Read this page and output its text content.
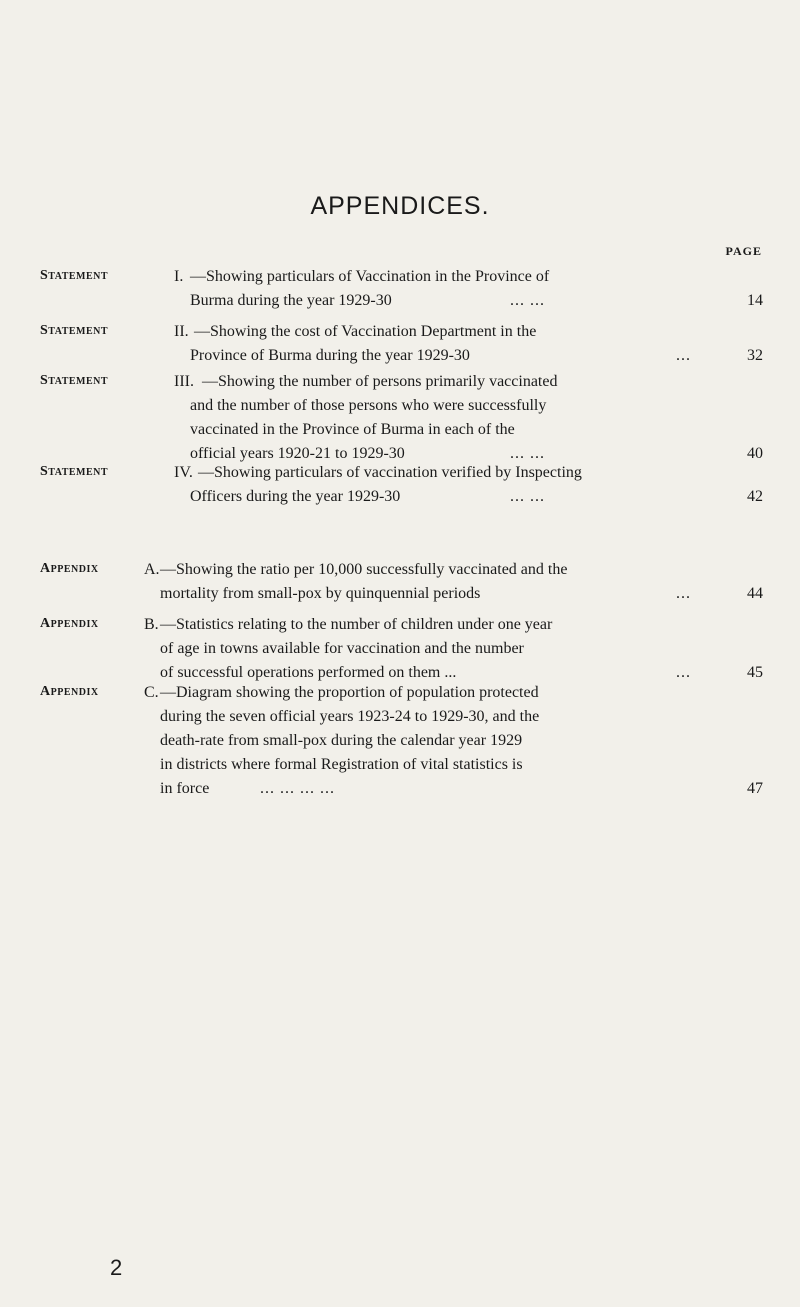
APPENDICES.
PAGE
Statement	I. —Showing particulars of Vaccination in the Province of
Burma during the year 1929-30	... ...	14
Statement	II. —Showing the cost of Vaccination Department in the
Province of Burma during the year 1929-30	...	32
Statement	III. —Showing the number of persons primarily vaccinated
and the number of those persons who were successfully
vaccinated in the Province of Burma in each of the
official years 1920-21 to 1929-30	... ...	40
Statement	IV. —Showing particulars of vaccination verified by Inspecting
Officers during the year 1929-30	... ...	42
Appendix	A. —Showing the ratio per 10,000 successfully vaccinated and the
mortality from small-pox by quinquennial periods	...	44
Appendix	B. —Statistics relating to the number of children under one year
of age in towns available for vaccination and the number
of successful operations performed on them ...	...	45
Appendix	C. —Diagram showing the proportion of population protected
during the seven official years 1923-24 to 1929-30, and the
death-rate from small-pox during the calendar year 1929
in districts where formal Registration of vital statistics is
in force	... ... ... ...	47
2
